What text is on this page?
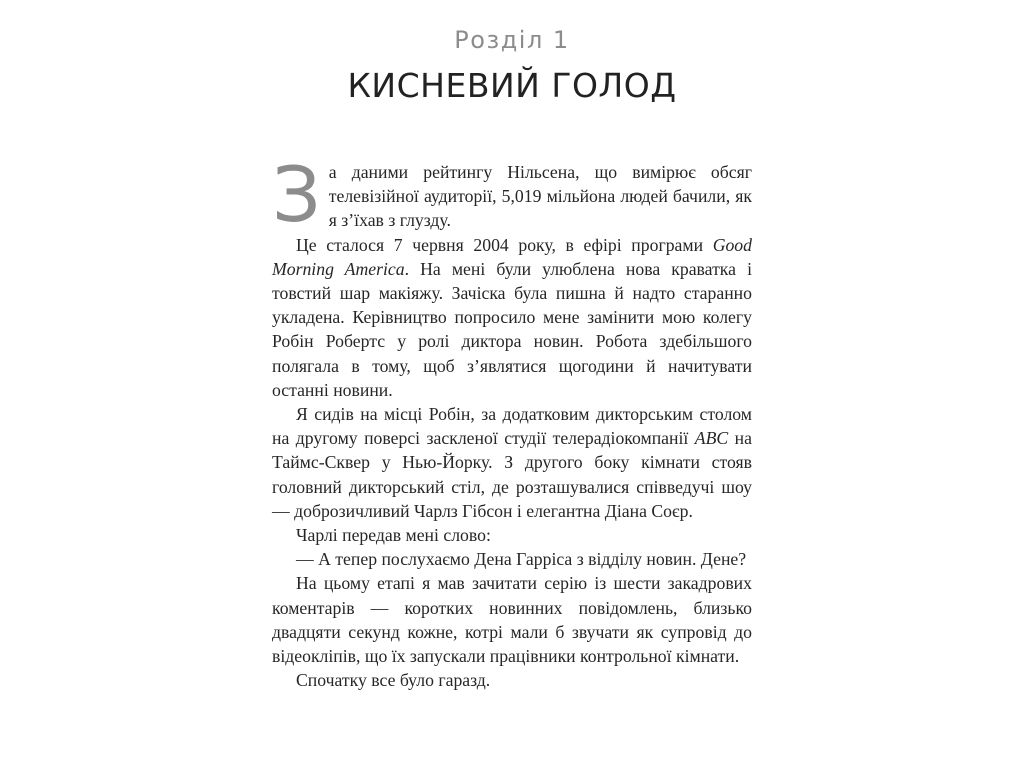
Розділ 1
КИСНЕВИЙ ГОЛОД

З а даними рейтингу Нільсена, що вимірює обсяг телевізійної аудиторії, 5,019 мільйона людей бачили, як я з’їхав з глузду.

Це сталося 7 червня 2004 року, в ефірі програми Good Morning America. На мені були улюблена нова краватка і товстий шар макіяжу. Зачіска була пишна й надто старанно укладена. Керівництво попросило мене замінити мою колегу Робін Робертс у ролі диктора новин. Робота здебільшого полягала в тому, щоб з’являтися щогодини й начитувати останні новини.

Я сидів на місці Робін, за додатковим дикторським столом на другому поверсі заскленої студії телерадіокомпанії ABC на Таймс-Сквер у Нью-Йорку. З другого боку кімнати стояв головний дикторський стіл, де розташувалися співведучі шоу — доброзичливий Чарлз Гібсон і елегантна Діана Соєр.

Чарлі передав мені слово:

— А тепер послухаємо Дена Гарріса з відділу новин. Дене?

На цьому етапі я мав зачитати серію із шести закадрових коментарів — коротких новинних повідомлень, близько двадцяти секунд кожне, котрі мали б звучати як супровід до відеокліпів, що їх запускали працівники контрольної кімнати.

Спочатку все було гаразд.
